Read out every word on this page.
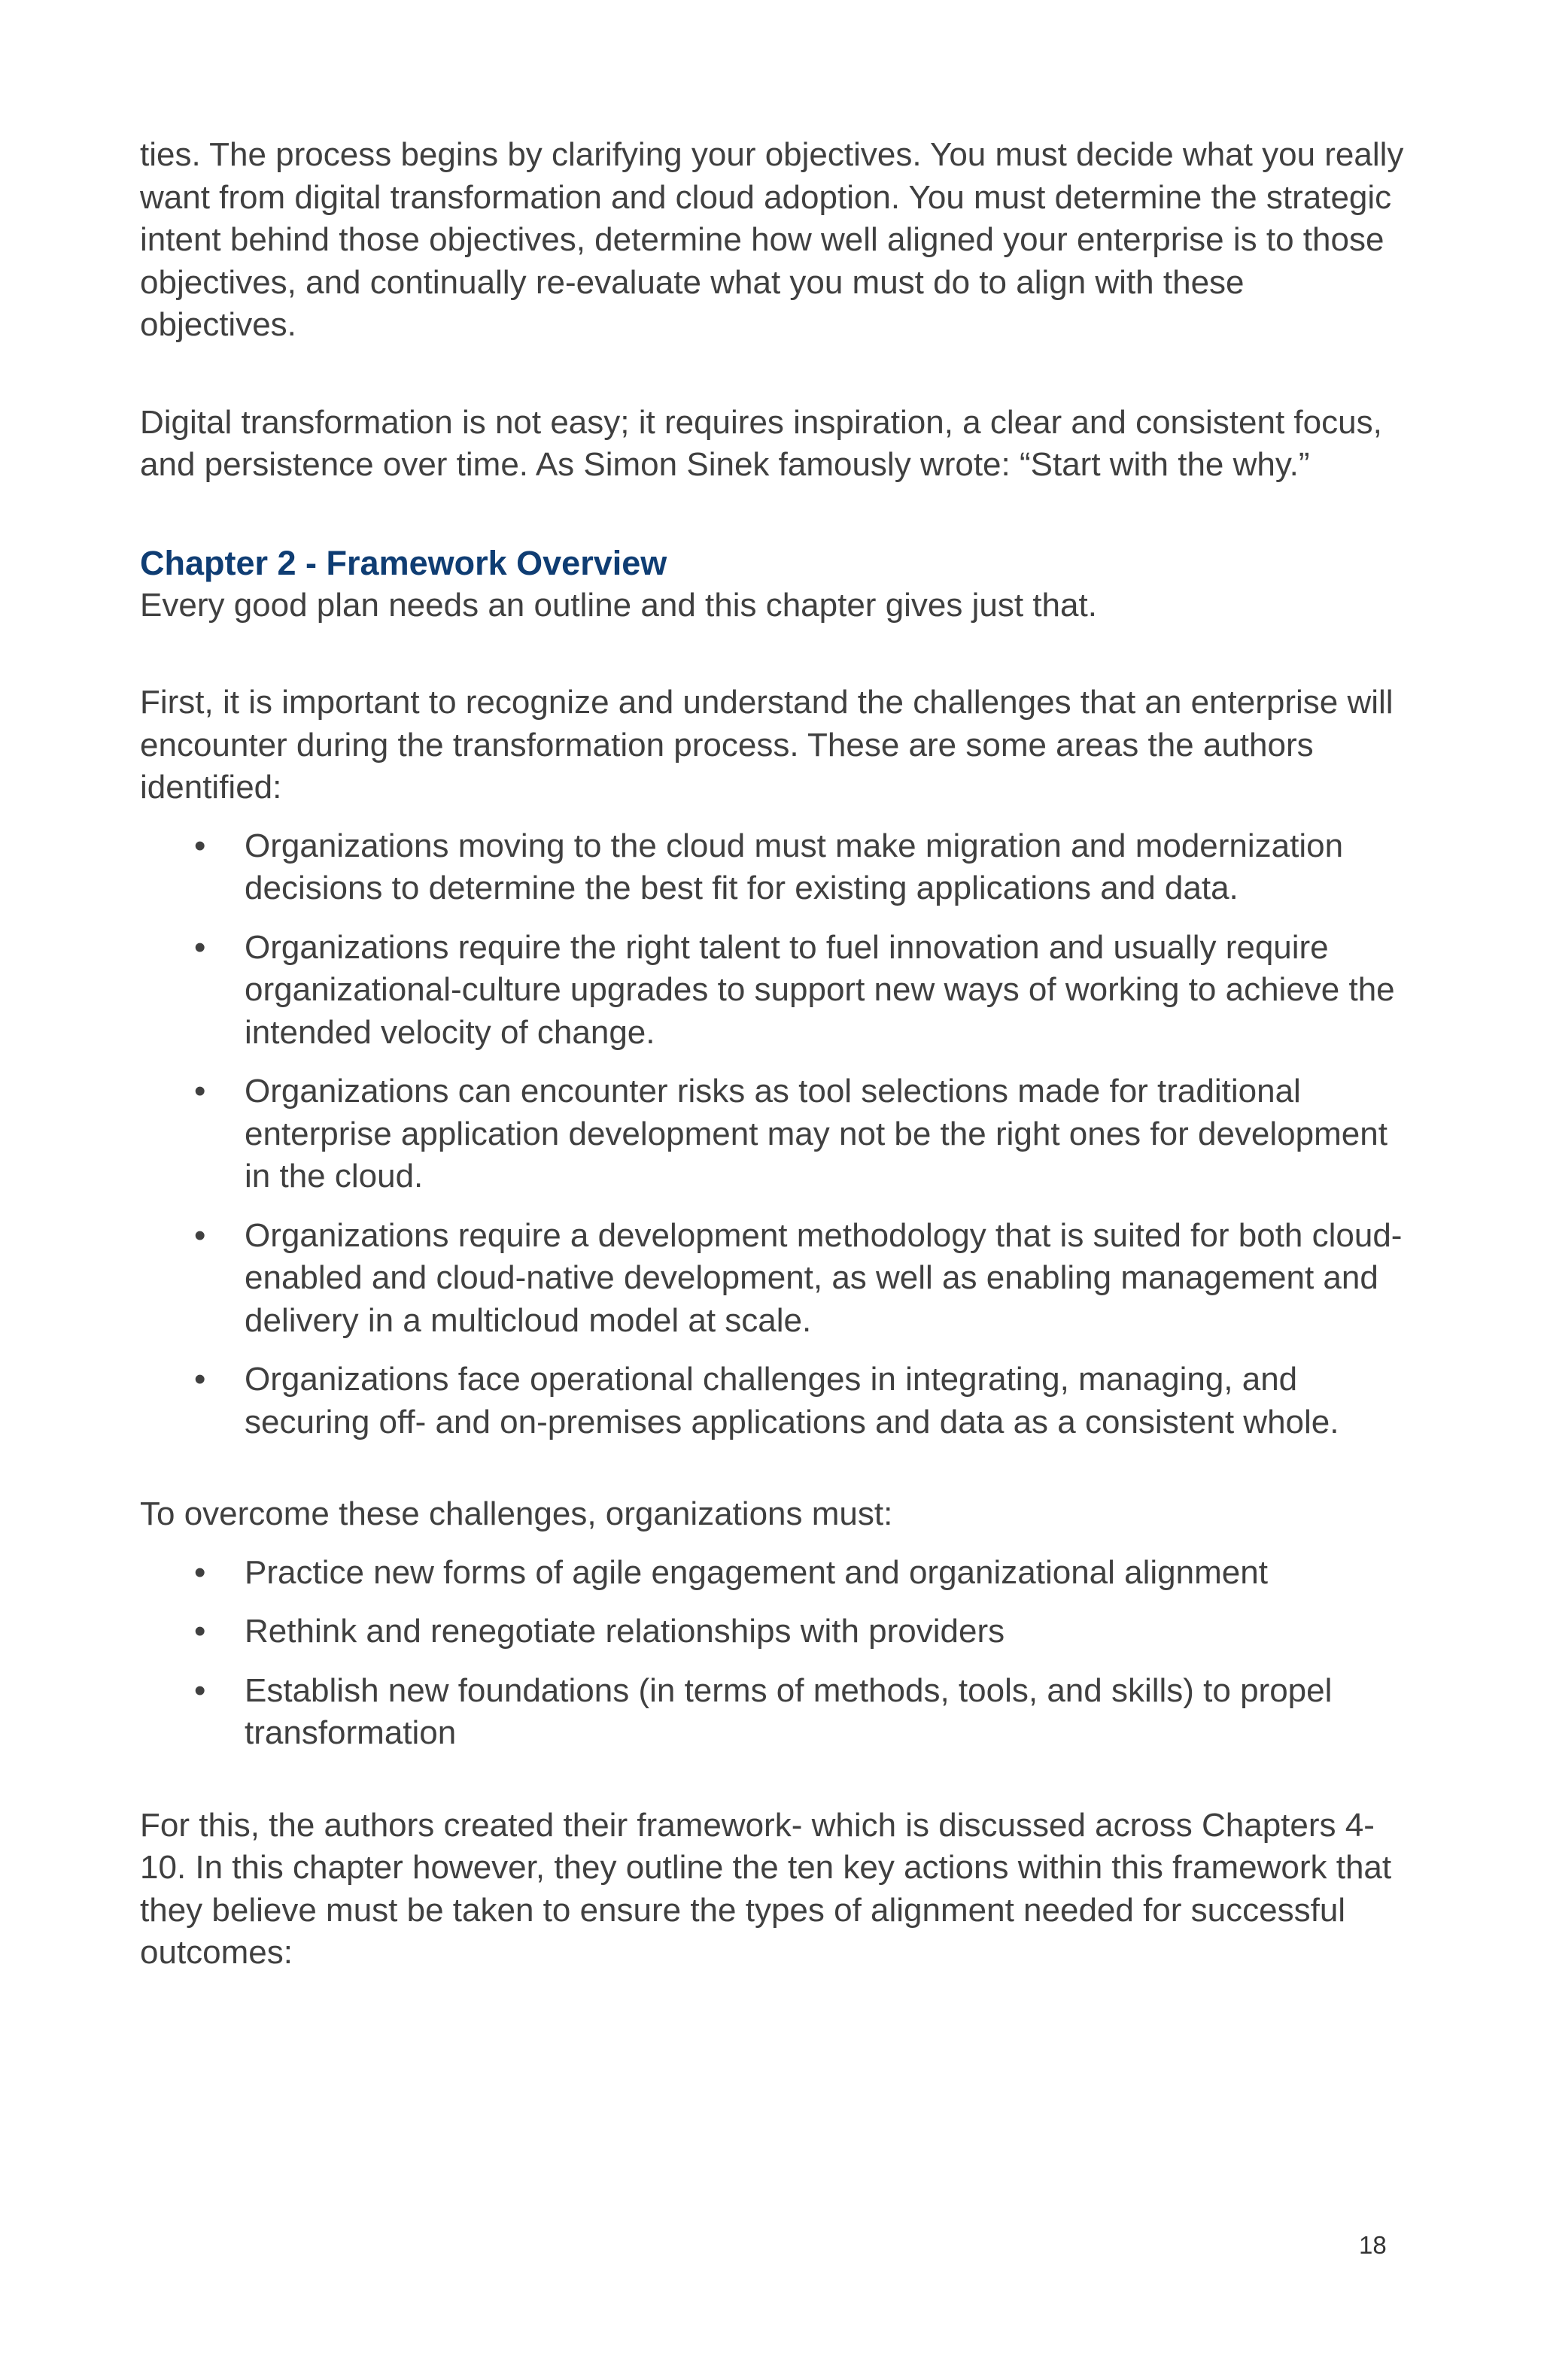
ties. The process begins by clarifying your objectives. You must decide what you really want from digital transformation and cloud adoption. You must determine the strategic intent behind those objectives, determine how well aligned your enterprise is to those objectives, and continually re-evaluate what you must do to align with these objectives.

Digital transformation is not easy; it requires inspiration, a clear and consistent focus, and persistence over time. As Simon Sinek famously wrote: “Start with the why.”

Chapter 2 - Framework Overview

Every good plan needs an outline and this chapter gives just that.

First, it is important to recognize and understand the challenges that an enterprise will encounter during the transformation process. These are some areas the authors identified:

• Organizations moving to the cloud must make migration and modernization decisions to determine the best fit for existing applications and data.
• Organizations require the right talent to fuel innovation and usually require organizational-culture upgrades to support new ways of working to achieve the intended velocity of change.
• Organizations can encounter risks as tool selections made for traditional enterprise application development may not be the right ones for development in the cloud.
• Organizations require a development methodology that is suited for both cloud-enabled and cloud-native development, as well as enabling management and delivery in a multicloud model at scale.
• Organizations face operational challenges in integrating, managing, and securing off- and on-premises applications and data as a consistent whole.

To overcome these challenges, organizations must:

• Practice new forms of agile engagement and organizational alignment
• Rethink and renegotiate relationships with providers
• Establish new foundations (in terms of methods, tools, and skills) to propel transformation

For this, the authors created their framework- which is discussed across Chapters 4-10. In this chapter however, they outline the ten key actions within this framework that they believe must be taken to ensure the types of alignment needed for successful outcomes:

18
